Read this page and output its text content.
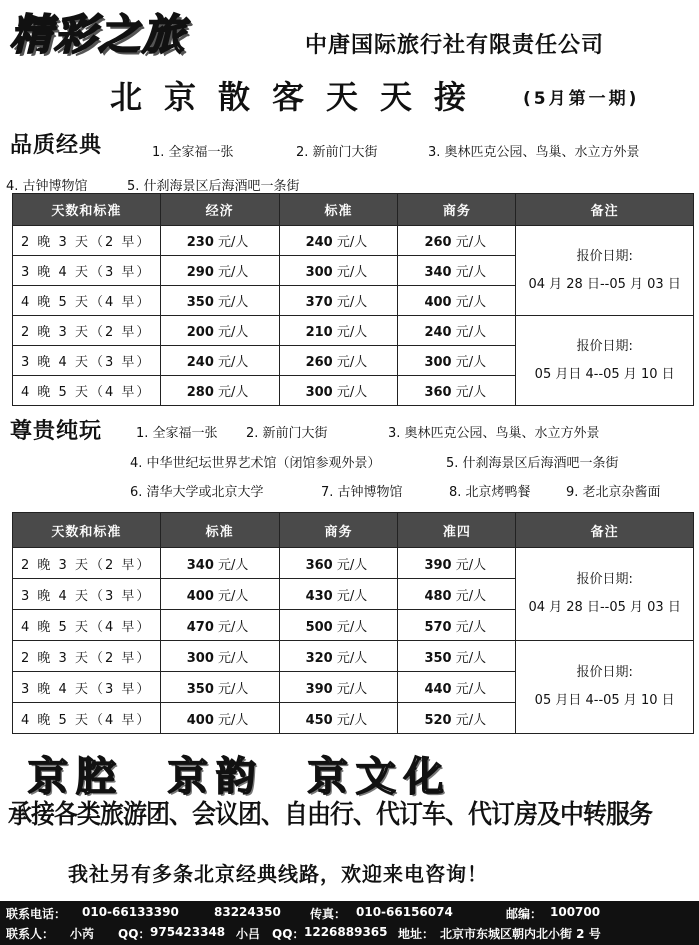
精彩之旅	中唐国际旅行社有限责任公司
北京散客天天接 (5月第一期)
品质经典	1. 全家福一张	2. 新前门大街	3. 奥林匹克公园、鸟巢、水立方外景
4. 古钟博物馆	5. 什刹海景区后海酒吧一条街
天数和标准	经济	标准	商务	备注
2 晚 3 天（2 早）	230 元/人	240 元/人	260 元/人	报价日期:
04 月 28 日--05 月 03 日

3 晚 4 天（3 早）	290 元/人	300 元/人	340 元/人	
4 晚 5 天（4 早）	350 元/人	370 元/人	400 元/人	
2 晚 3 天（2 早）	200 元/人	210 元/人	240 元/人	报价日期:
05 月日 4--05 月 10 日

3 晚 4 天（3 早）	240 元/人	260 元/人	300 元/人	
4 晚 5 天（4 早）	280 元/人	300 元/人	360 元/人	
尊贵纯玩	1. 全家福一张 2. 新前门大街	3. 奥林匹克公园、鸟巢、水立方外景
4. 中华世纪坛世界艺术馆（闭馆参观外景）	5. 什刹海景区后海酒吧一条街
6. 清华大学或北京大学	7. 古钟博物馆	8. 北京烤鸭餐	9. 老北京杂酱面
天数和标准	标准	商务	准四	备注
2 晚 3 天（2 早）	340 元/人	360 元/人	390 元/人	报价日期:
04 月 28 日--05 月 03 日

3 晚 4 天（3 早）	400 元/人	430 元/人	480 元/人	
4 晚 5 天（4 早）	470 元/人	500 元/人	570 元/人	
2 晚 3 天（2 早）	300 元/人	320 元/人	350 元/人	报价日期:
05 月日 4--05 月 10 日

3 晚 4 天（3 早）	350 元/人	390 元/人	440 元/人	
4 晚 5 天（4 早）	400 元/人	450 元/人	520 元/人	
京腔  京韵  京文化
承接各类旅游团、会议团、自由行、代订车、代订房及中转服务
我社另有多条北京经典线路，欢迎来电咨询！
联系电话： 010-66133390	83224350 传真： 010-66156074	邮编： 100700
联系人： 小芮 QQ： 975423348 小吕 QQ： 1226889365 地址： 北京市东城区朝内北小街 2 号
